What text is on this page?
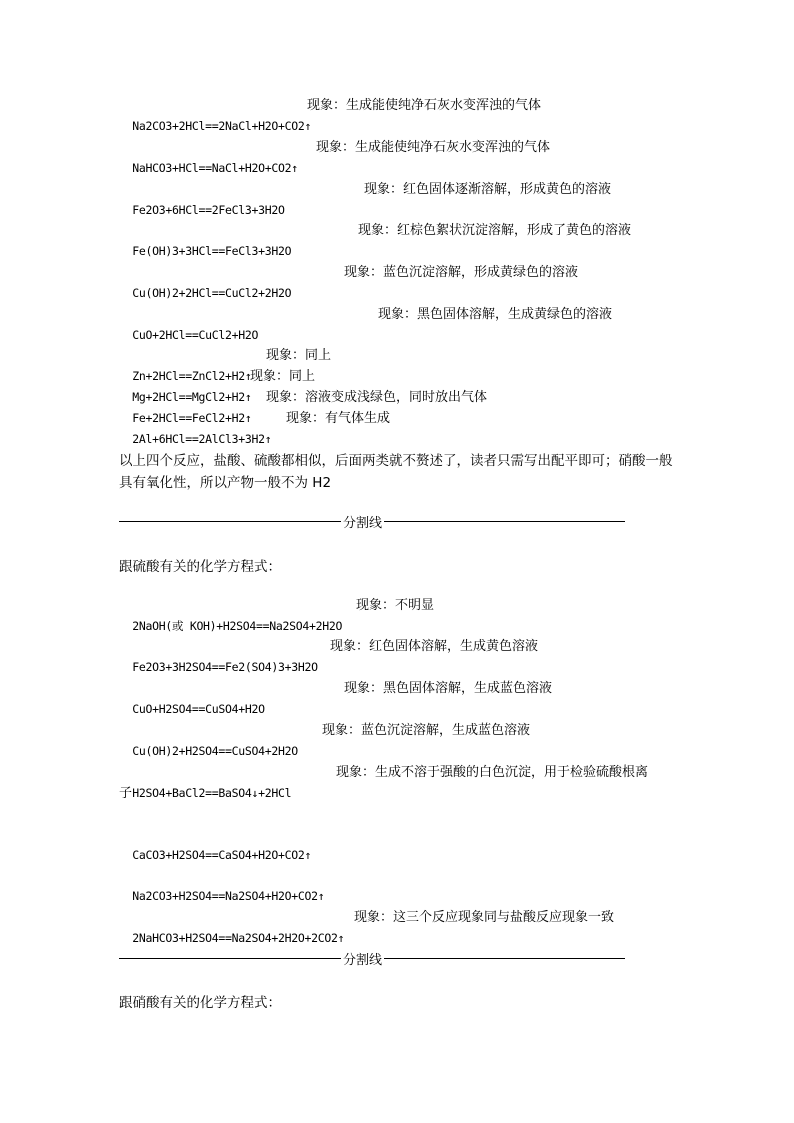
Na2CO3+2HCl==2NaCl+H2O+CO2↑

现象：生成能使纯净石灰水变浑浊的气体

NaHCO3+HCl==NaCl+H2O+CO2↑

现象：生成能使纯净石灰水变浑浊的气体

Fe2O3+6HCl==2FeCl3+3H2O

现象：红色固体逐渐溶解，形成黄色的溶液

Fe(OH)3+3HCl==FeCl3+3H2O

现象：红棕色絮状沉淀溶解，形成了黄色的溶液

Cu(OH)2+2HCl==CuCl2+2H2O

现象：蓝色沉淀溶解，形成黄绿色的溶液

CuO+2HCl==CuCl2+H2O

现象：黑色固体溶解，生成黄绿色的溶液

Zn+2HCl==ZnCl2+H2↑

现象：同上

Mg+2HCl==MgCl2+H2↑

现象：同上

Fe+2HCl==FeCl2+H2↑

现象：溶液变成浅绿色，同时放出气体

2Al+6HCl==2AlCl3+3H2↑

现象：有气体生成

以上四个反应，盐酸、硫酸都相似，后面两类就不赘述了，读者只需写出配平即可；硝酸一般具有氧化性，所以产物一般不为 H2
分割线
跟硫酸有关的化学方程式：

2NaOH(或 KOH)+H2SO4==Na2SO4+2H2O

现象：不明显

Fe2O3+3H2SO4==Fe2(SO4)3+3H2O

现象：红色固体溶解，生成黄色溶液

CuO+H2SO4==CuSO4+H2O

现象：黑色固体溶解，生成蓝色溶液

Cu(OH)2+H2SO4==CuSO4+2H2O

现象：蓝色沉淀溶解，生成蓝色溶液

H2SO4+BaCl2==BaSO4↓+2HCl

现象：生成不溶于强酸的白色沉淀，用于检验硫酸根离

子

CaCO3+H2SO4==CaSO4+H2O+CO2↑

Na2CO3+H2SO4==Na2SO4+H2O+CO2↑

2NaHCO3+H2SO4==Na2SO4+2H2O+2CO2↑

现象：这三个反应现象同与盐酸反应现象一致

分割线
跟硝酸有关的化学方程式：
